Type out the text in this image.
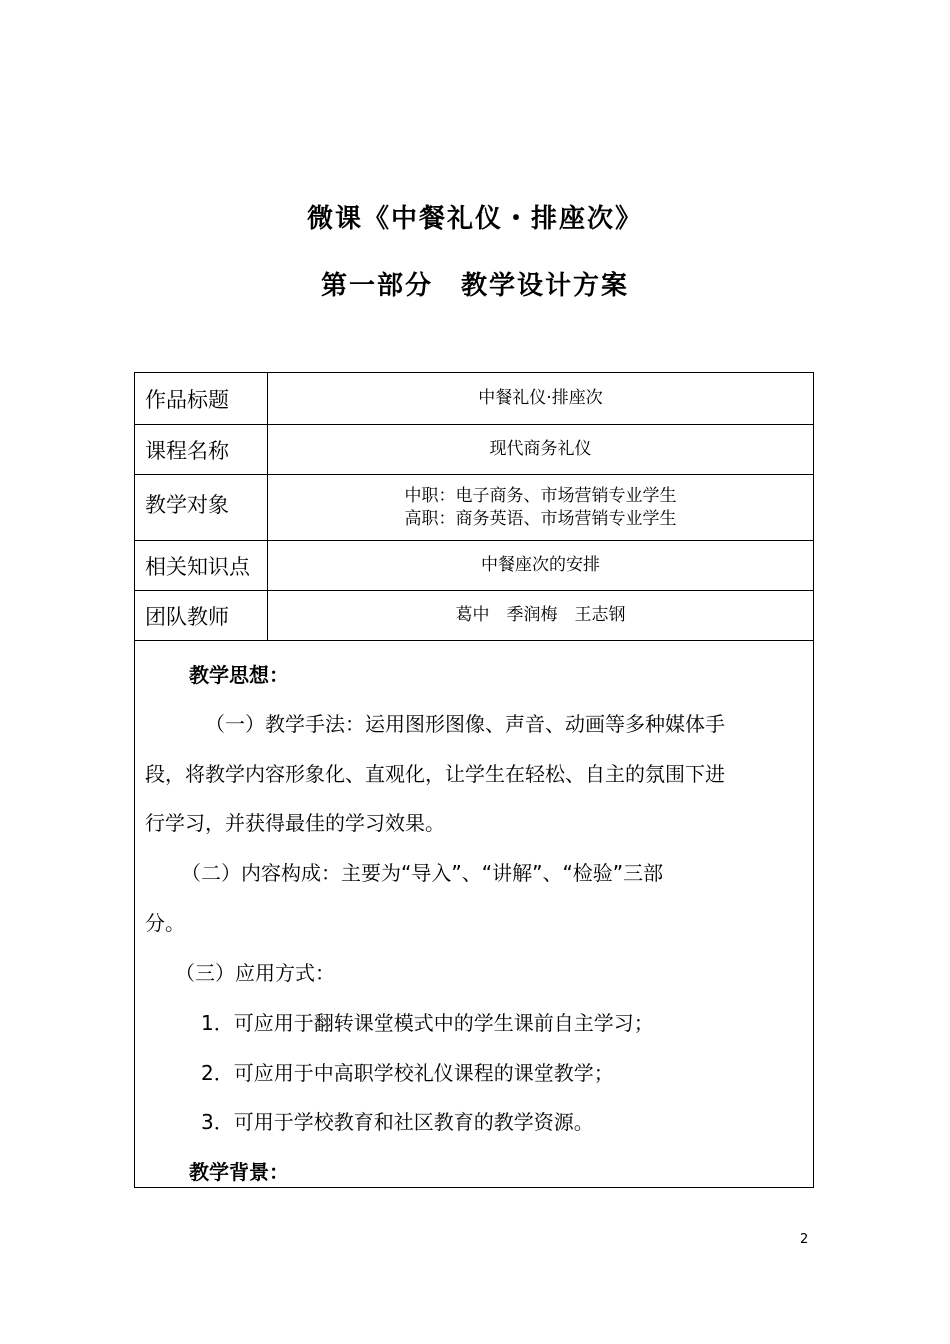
微课《中餐礼仪・排座次》
第一部分　教学设计方案
作品标题	中餐礼仪·排座次
课程名称	现代商务礼仪
教学对象	中职：电子商务、市场营销专业学生
高职：商务英语、市场营销专业学生
相关知识点	中餐座次的安排
团队教师	葛中　季润梅　王志钢
教学思想：
（一）教学手法：运用图形图像、声音、动画等多种媒体手
段，将教学内容形象化、直观化，让学生在轻松、自主的氛围下进
行学习，并获得最佳的学习效果。
（二）内容构成：主要为“导入”、“讲解”、“检验”三部
分。
（三）应用方式：
1．可应用于翻转课堂模式中的学生课前自主学习；
2．可应用于中高职学校礼仪课程的课堂教学；
3．可用于学校教育和社区教育的教学资源。
教学背景：
2
